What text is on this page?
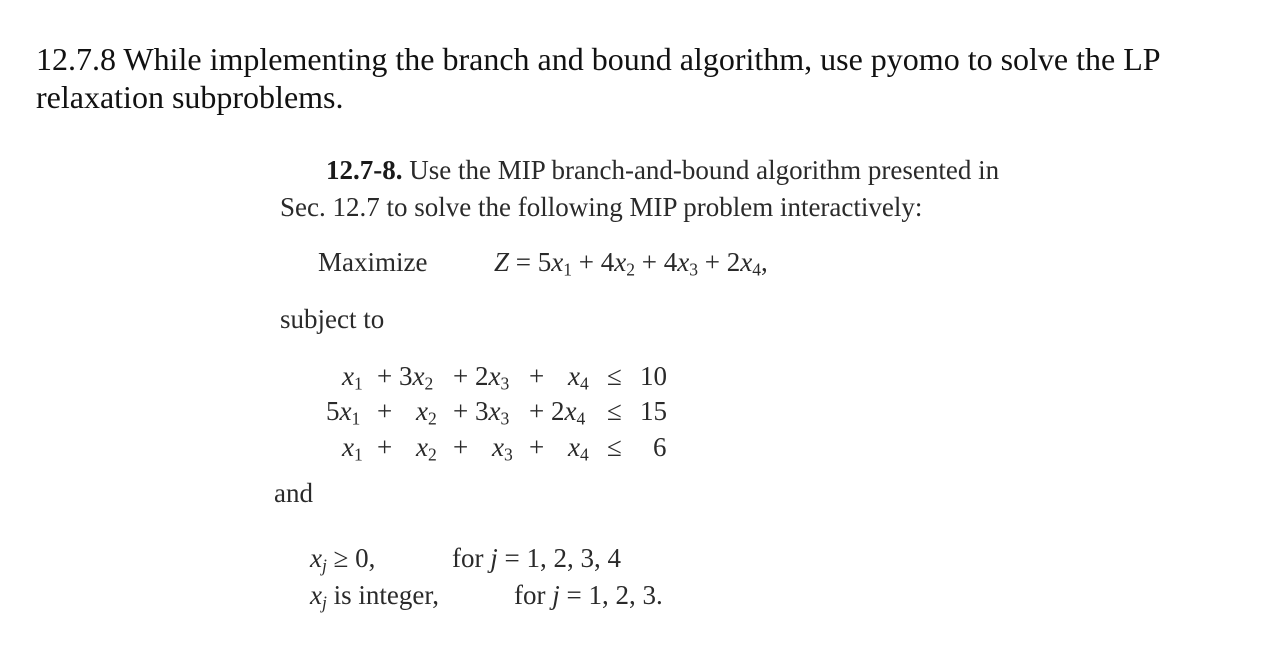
12.7.8 While implementing the branch and bound algorithm, use pyomo to solve the LP relaxation subproblems.
12.7-8. Use the MIP branch-and-bound algorithm presented in
Sec. 12.7 to solve the following MIP problem interactively:
Maximize $Z = 5x_1 + 4x_2 + 4x_3 + 2x_4$,
subject to
$x_1 + 3x_2 + 2x_3 + x_4 \le 10$
$5x_1 + x_2 + 3x_3 + 2x_4 \le 15$
$x_1 + x_2 + x_3 + x_4 \le 6$
and
$x_j \ge 0$,	for j = 1, 2, 3, 4
$x_j$ is integer,	for j = 1, 2, 3.
